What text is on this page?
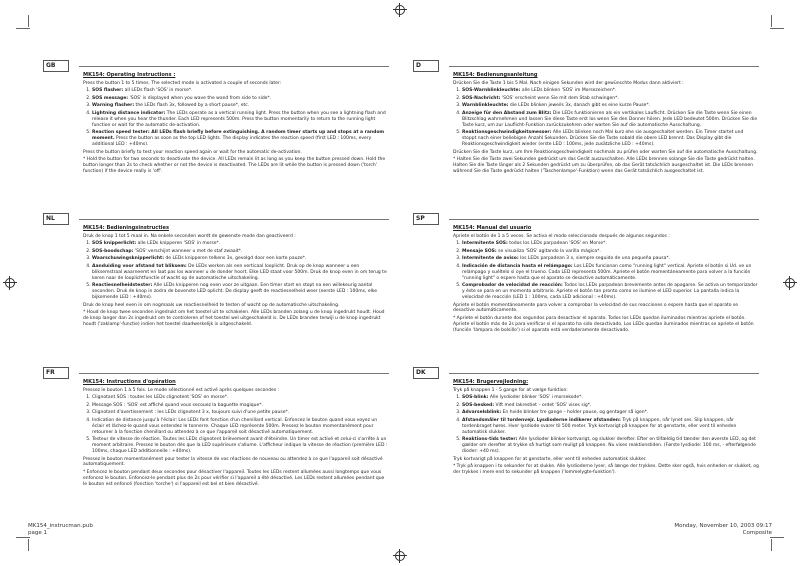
GB
MK154: Operating Instructions :

Press the button 1 to 5 times. The selected mode is activated a couple of seconds later:

1. SOS flasher: all LEDs flash 'SOS' in morse*.
2. SOS message: 'SOS' is displayed when you wave the wand from side to side*.
3. Warning flasher: the LEDs flash 3x, followed by a short pause*, etc.
4. Lightning distance indicator: The LEDs operate as a vertical running light. Press the button when you see a lightning flash and release it when you hear the thunder. Each LED represents 500m. Press the button momentarily to return to the running light function or wait for the automatic de-activation.
5. Reaction speed tester: All LEDs flash briefly before extinguishing. A random timer starts up and stops at a random moment. Press the button as soon as the top LED lights. The display indicates the reaction speed (first LED : 100ms, every additional LED : +40ms).

Press the button briefly to test your reaction speed again or wait for the automatic de-activation.

* Hold the button for two seconds to deactivate the device. All LEDs remain lit as long as you keep the button pressed down. Hold the button longer than 2s to check whether or not the device is deactivated. The LEDs are lit while the button is pressed down ('torch' function) if the device really is 'off'.

D
MK154: Bedienungsanleitung

Drücken Sie die Taste 1 bis 5 Mal. Nach einigen Sekunden wird der gewünschte Modus dann aktiviert :

1. SOS-Warnblinkleuchte: alle LEDs blinken 'SOS' im Morsezeichen*.
2. SOS-Nachricht: 'SOS' erscheint wenn Sie mit dem Stab schwingen*.
3. Warnblinkleuchte: die LEDs blinken jeweils 3x, danach gibt es eine kurze Pause*.
4. Anzeige für den Abstand zum Blitz: Die LEDs funktionieren als ein vertikales Lauflicht. Drücken Sie die Taste wenn Sie einen Blitzschlag wahrnehmen und lassen Sie diese Taste erst los wenn Sie den Donner hören. Jede LED bedeutet 500m. Drücken Sie die Taste kurz, um zur Lauflicht-Funktion zurückzukehren oder warten Sie auf die automatische Ausschaltung.
5. Reaktionsgeschwindigkeitsmesser: Alle LEDs blinken noch Mal kurz ehe sie ausgeschaltet werden. Ein Timer startet und stoppt nach einer beliebigen Anzahl Sekunden. Drücken Sie die Taste sobald die obere LED brennt. Das Display gibt die Reaktionsgeschwindigkeit wieder (erste LED : 100ms, jede zusätzliche LED : +40ms).

Drücken Sie die Taste kurz, um Ihre Reaktionsgeschwindigkeit nochmals zu prüfen oder warten Sie auf die automatische Ausschaltung.

* Halten Sie die Taste zwei Sekunden gedrückt um das Gerät auszuschalten. Alle LEDs brennen solange Sie die Taste gedrückt halten. Halten Sie die Taste länger als 2 Sekunden gedrückt um zu überprüfen, ob das Gerät tatsächlich ausgeschaltet ist. Die LEDs brennen während Sie die Taste gedrückt halten ('Taschenlampe'-Funktion) wenn das Gerät tatsächlich ausgeschaltet ist.

NL
MK154: Bedieningsinstructies

Druk de knop 1 tot 5 maal in. Na enkele seconden wordt de gewenste mode dan geactiveerd :

1. SOS knipperlicht: alle LEDs knipperen 'SOS' in morse*.
2. SOS-boodschap: 'SOS' verschijnt wanneer u met de staf zwaait*.
3. Waarschuwingsknipperlicht: de LEDs knipperen telkens 3x, gevolgd door een korte pauze*.
4. Aanduiding voor afstand tot bliksem: De LEDs werken als een verticaal looplicht. Druk op de knop wanneer u een bliksemstraal waarneemt en laat pas los wanneer u de donder hoort. Elke LED staat voor 500m. Druk de knop even in om terug te keren naar de looplichtfunctie of wacht op de automatische uitschakeling.
5. Reactiesnelheidstester: Alle LEDs knipperen nog even voor ze uitgaan. Een timer start en stopt na een willekeurig aantal seconden. Druk de knop in zodra de bovenste LED oplicht. De display geeft de reactiesnelheid weer (eerste LED : 100ms, elke bijkomende LED : +40ms).

Druk de knop heel even in om nogmaals uw reactiesnelheid te testen of wacht op de automatische uitschakeling.

* Houd de knop twee seconden ingedrukt om het toestel uit te schakelen. Alle LEDs branden zolang u de knop ingedrukt houdt. Houd de knop langer dan 2s ingedrukt om te controleren of het toestel wel uitgeschakeld is. De LEDs branden terwijl u de knop ingedrukt houdt ('zaklamp'-functie) indien het toestel daadwerkelijk is uitgeschakeld.

SP
MK154: Manual del usuario

Apriete el botón de 1 a 5 veces. Se activa el modo seleccionado después de algunos segundos :

1. Intermitente SOS: todos los LEDs parpadean 'SOS' en Morse*.
2. Mensaje SOS: se visualiza 'SOS' agitando la varilla mágica*.
3. Intermitente de aviso: los LEDs parpadean 3 x, siempre seguido de una pequeña pausa*.
4. Indicación de distancia hasta el relámpago: Los LEDs funcionan como "running light" vertical. Apriete el botón si Ud. ve un relámpago y suéltelo si oye el trueno. Cada LED representa 500m. Apriete el botón momentáneamente para volver a la función "running light" o espere hasta que el aparato se desactive automáticamente.
5. Comprobador de velocidad de reacción: Todos los LEDs parpadean brevemente antes de apagarse. Se activa un temporizador y éste se para en un momento arbitrario. Apriete el botón tan pronto como se ilumine el LED superior. La pantalla indica la velocidad de reacción (LED 1 : 100ms, cada LED adicional : +40ms).

Apriete el botón momentáneamente para volver a comprobar la velocidad de sus reacciones o espere hasta que el aparato se desactive automáticamente.

* Apriete el botón durante dos segundos para desactivar el aparato. Todos los LEDs quedan iluminados mientras apriete el botón. Apriete el botón más de 2s para verificar si el aparato ha sido desactivado. Los LEDs quedan iluminados mientras se apriete el botón (función 'lámpara de bolsillo') si el aparato está verdaderamente desactivado.

FR
MK154: Instructions d'opération

Pressez le bouton 1 à 5 fois. Le mode sélectionné est activé après quelques secondes :

1. Clignotant SOS : toutes les LEDs clignotent 'SOS' en morse*.
2. Message SOS : 'SOS' est affiché quand vous secouez la baguette magique*.
3. Clignotant d'avertissement : les LEDs clignotent 3 x, toujours suivi d'une petite pause*.
4. Indication de distance jusqu'à l'éclair: Les LEDs font fonction d'un chenillard vertical. Enfoncez le bouton quand vous voyez un éclair et lâchez-le quand vous entendez le tonnerre. Chaque LED représente 500m. Pressez le bouton momentanément pour retourner à la fonction chenillard ou attendez à ce que l'appareil soit désactivé automatiquement.
5. Testeur de vitesse de réaction. Toutes les LEDs clignotent brièvement avant d'éteindre. Un timer est activé et celui-ci s'arrête à un moment arbitraire. Pressez le bouton dès que la LED supérieure s'allume. L'afficheur indique la vitesse de réaction (première LED : 100ms, chaque LED additionnelle : +40ms).

Pressez le bouton momentanément pour tester la vitesse de vos réactions de nouveau ou attendez à ce que l'appareil soit désactivé automatiquement.

* Enfoncez le bouton pendant deux secondes pour désactiver l'appareil. Toutes les LEDs restent allumées aussi longtemps que vous enfoncez le bouton. Enfoncez-le pendant plus de 2s pour vérifier si l'appareil a été désactivé. Les LEDs restent allumées pendant que le bouton est enfoncé (fonction 'torche') si l'appareil est bel et bien désactivé.

DK
MK154: Brugervejledning:

Tryk på knappen 1 - 5 gange for at vælge funktion:

1. SOS-blink: Alle lysdioder blinker 'SOS' i morsekode*.
2. SOS-besked: Vift med lakrestiet – ordet 'SOS' vises sig*.
3. Advarselsblink: En hvide blinker tre gange – holder pause, og gentager så igen*.
4. Afstandsmåler til tordenvejr. Lysdioderne indikerer afstanden: Tryk på knappen, når lynet ses. Slip knappen, når tordenbraget høres. Hver lysdiode svarer til 500 meter. Tryk kortvarigt på knappen for at genstarte, eller vent til enheden automatisk slukker.
5. Reaktions-tids tester: Alle lysdioder blinker kortvarigt, og slukker derefter. Efter en tilfældig tid tænder den øverste LED, og det gælder om derefter at trykke så hurtigt som muligt på knappen. Nu vises reaktionstiden. (Første lysdiode: 100 ms, - efterfølgende dioder: +40 ms).

Tryk kortvarigt på knappen for at genstarte, eller vent til enheden automatisk slukker.

* Tryk på knappen i to sekunder for at slukke. Alle lysdioderne lyser, så længe der trykkes. Dette sker også, hvis enheden er slukket, og der trykkes i mere end to sekunder på knappen ('lommelygte-funktion').

MK154_instrucman.pub
page 1
Monday, November 10, 2003 09:17
Composite
